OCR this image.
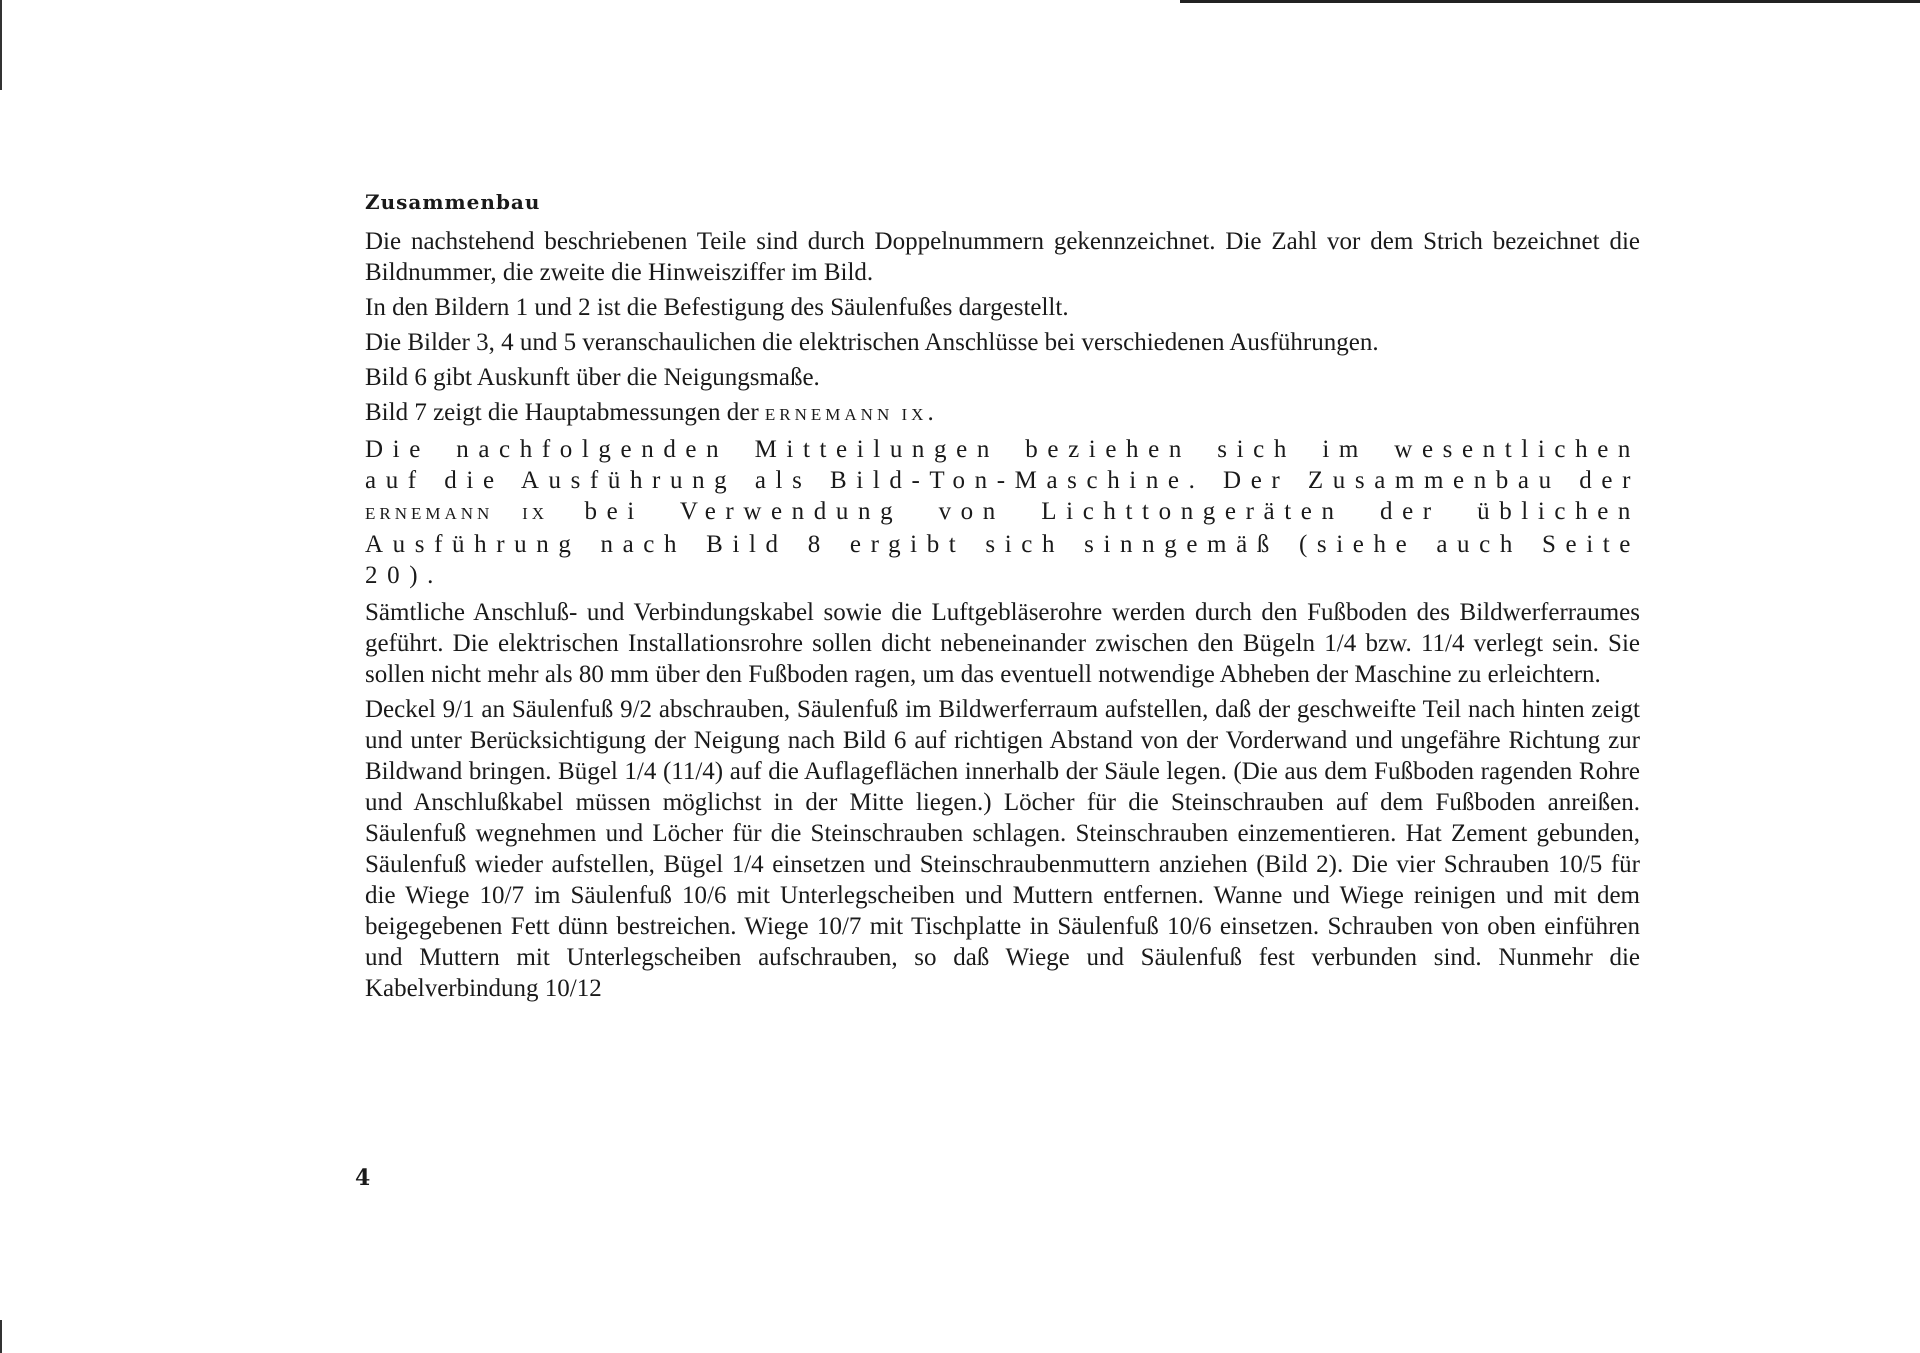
Zusammenbau

Die nachstehend beschriebenen Teile sind durch Doppelnummern gekennzeichnet. Die Zahl vor dem Strich bezeichnet die Bildnummer, die zweite die Hinweisziffer im Bild.

In den Bildern 1 und 2 ist die Befestigung des Säulenfußes dargestellt.

Die Bilder 3, 4 und 5 veranschaulichen die elektrischen Anschlüsse bei verschiedenen Ausführungen.

Bild 6 gibt Auskunft über die Neigungsmaße.

Bild 7 zeigt die Hauptabmessungen der ERNEMANN IX.

Die nachfolgenden Mitteilungen beziehen sich im wesentlichen auf die Ausführung als Bild-Ton-Maschine. Der Zusammenbau der ERNEMANN IX bei Verwendung von Lichttongeräten der üblichen Ausführung nach Bild 8 ergibt sich sinngemäß (siehe auch Seite 20).

Sämtliche Anschluß- und Verbindungskabel sowie die Luftgebläserohre werden durch den Fußboden des Bildwerferraumes geführt. Die elektrischen Installationsrohre sollen dicht nebeneinander zwischen den Bügeln 1/4 bzw. 11/4 verlegt sein. Sie sollen nicht mehr als 80 mm über den Fußboden ragen, um das eventuell notwendige Abheben der Maschine zu erleichtern.

Deckel 9/1 an Säulenfuß 9/2 abschrauben, Säulenfuß im Bildwerferraum aufstellen, daß der geschweifte Teil nach hinten zeigt und unter Berücksichtigung der Neigung nach Bild 6 auf richtigen Abstand von der Vorderwand und ungefähre Richtung zur Bildwand bringen. Bügel 1/4 (11/4) auf die Auflageflächen innerhalb der Säule legen. (Die aus dem Fußboden ragenden Rohre und Anschlußkabel müssen möglichst in der Mitte liegen.) Löcher für die Steinschrauben auf dem Fußboden anreißen. Säulenfuß wegnehmen und Löcher für die Steinschrauben schlagen. Steinschrauben einzementieren. Hat Zement gebunden, Säulenfuß wieder aufstellen, Bügel 1/4 einsetzen und Steinschraubenmuttern anziehen (Bild 2). Die vier Schrauben 10/5 für die Wiege 10/7 im Säulenfuß 10/6 mit Unterlegscheiben und Muttern entfernen. Wanne und Wiege reinigen und mit dem beigegebenen Fett dünn bestreichen. Wiege 10/7 mit Tischplatte in Säulenfuß 10/6 einsetzen. Schrauben von oben einführen und Muttern mit Unterlegscheiben aufschrauben, so daß Wiege und Säulenfuß fest verbunden sind. Nunmehr die Kabelverbindung 10/12

4
